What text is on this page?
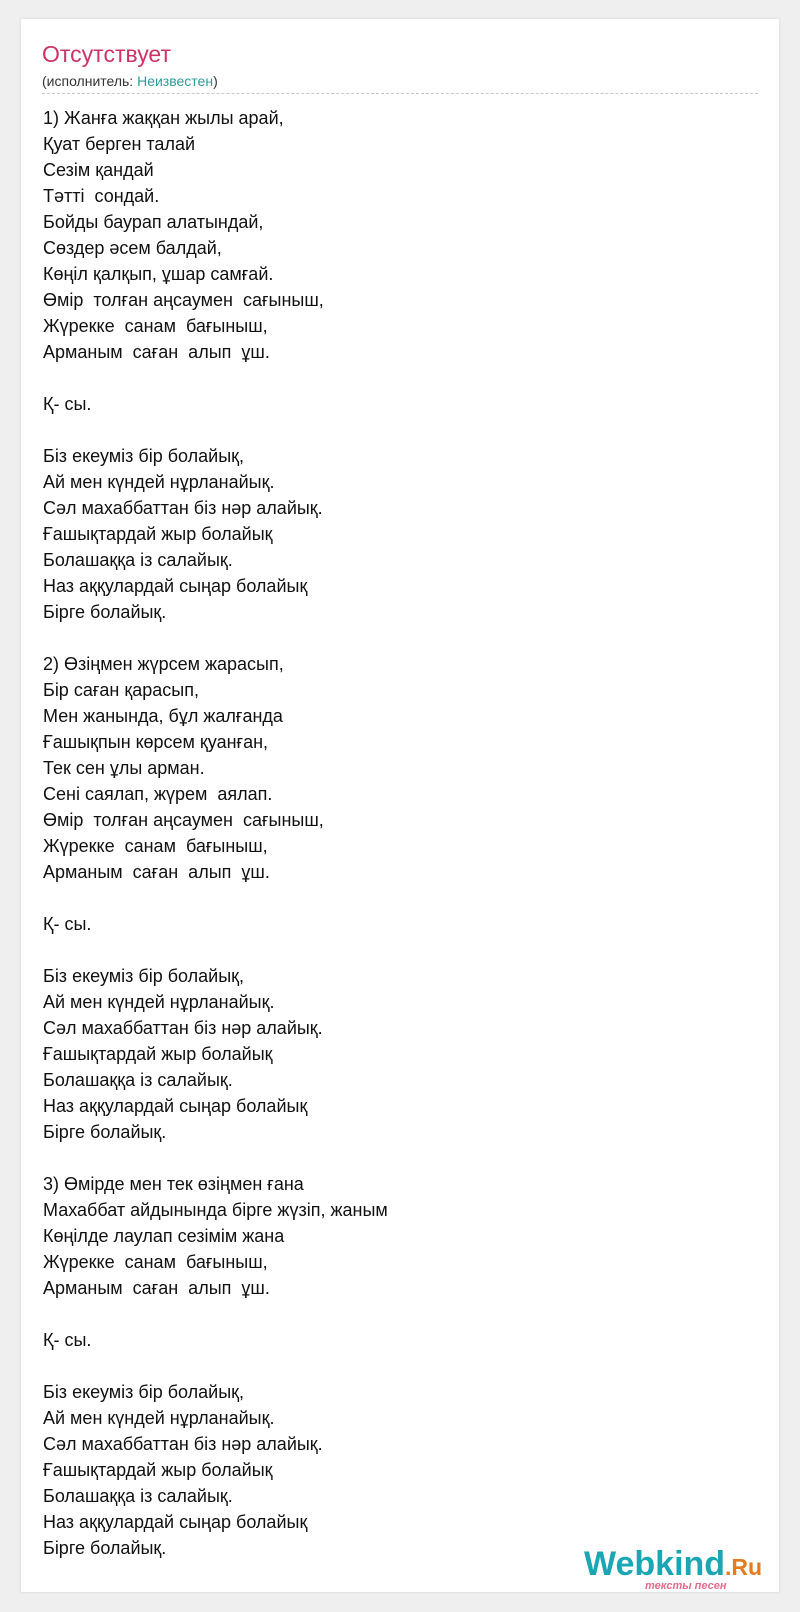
Отсутствует
(исполнитель: Неизвестен)
1) Жанға жаққан жылы арай,
Қуат берген талай
Сезім қандай
Тәтті  сондай.
Бойды баурап алатындай,
Сөздер әсем балдай,
Көңіл қалқып, ұшар самғай.
Өмір  толған аңсаумен  сағыныш,
Жүрекке  санам  бағыныш,
Арманым  саған  алып  ұш.
Қ- сы.
Біз екеуміз бір болайық,
Ай мен күндей нұрланайық.
Сәл махаббаттан біз нәр алайық.
Ғашықтардай жыр болайық
Болашаққа із салайық.
Наз аққулардай сыңар болайық
Бірге болайық.
2) Өзіңмен жүрсем жарасып,
Бір саған қарасып,
Мен жанында, бұл жалғанда
Ғашықпын көрсем қуанған,
Тек сен ұлы арман.
Сені саялап, жүрем  аялап.
Өмір  толған аңсаумен  сағыныш,
Жүрекке  санам  бағыныш,
Арманым  саған  алып  ұш.
Қ- сы.
Біз екеуміз бір болайық,
Ай мен күндей нұрланайық.
Сәл махаббаттан біз нәр алайық.
Ғашықтардай жыр болайық
Болашаққа із салайық.
Наз аққулардай сыңар болайық
Бірге болайық.
3) Өмірде мен тек өзіңмен ғана
Махаббат айдынында бірге жүзіп, жаным
Көңілде лаулап сезімім жана
Жүрекке  санам  бағыныш,
Арманым  саған  алып  ұш.
Қ- сы.
Біз екеуміз бір болайық,
Ай мен күндей нұрланайық.
Сәл махаббаттан біз нәр алайық.
Ғашықтардай жыр болайық
Болашаққа із салайық.
Наз аққулардай сыңар болайық
Бірге болайық.	Webkind.Ru
тексты песен
